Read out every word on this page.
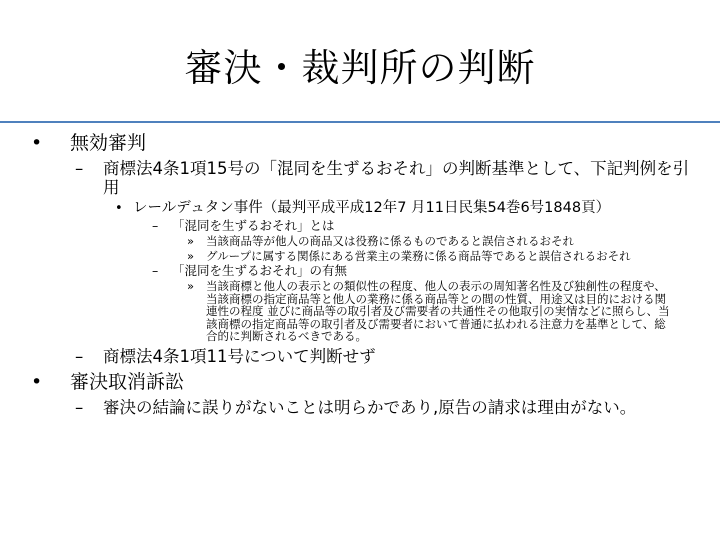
審決・裁判所の判断
• 無効審判
– 商標法4条1項15号の「混同を生ずるおそれ」の判断基準として、下記判例を引用
• レールデュタン事件（最判平成平成12年7 月11日民集54巻6号1848頁）
– 「混同を生ずるおそれ」とは
» 当該商品等が他人の商品又は役務に係るものであると誤信されるおそれ
» グループに属する関係にある営業主の業務に係る商品等であると誤信されるおそれ
– 「混同を生ずるおそれ」の有無
» 当該商標と他人の表示との類似性の程度、他人の表示の周知著名性及び独創性の程度や、当該商標の指定商品等と他人の業務に係る商品等との間の性質、用途又は目的における関連性の程度 並びに商品等の取引者及び需要者の共通性その他取引の実情などに照らし、当該商標の指定商品等の取引者及び需要者において普通に払われる注意力を基準として、総合的に判断されるべきである。
– 商標法4条1項11号について判断せず
• 審決取消訴訟
– 審決の結論に誤りがないことは明らかであり,原告の請求は理由がない。
